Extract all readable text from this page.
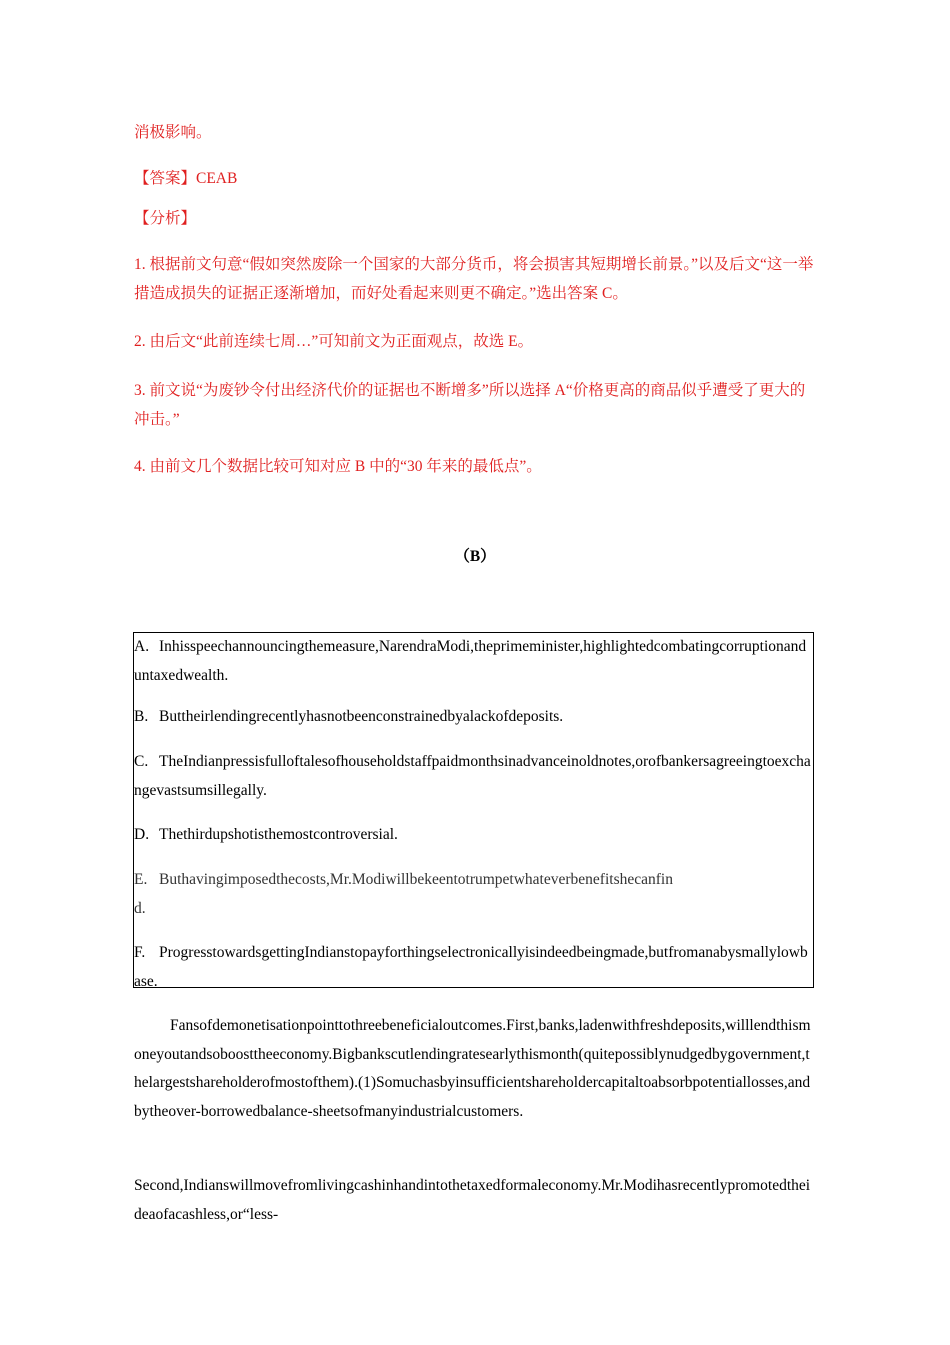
消极影响。
【答案】CEAB
【分析】
1. 根据前文句意“假如突然废除一个国家的大部分货币，将会损害其短期增长前景。”以及后文“这一举措造成损失的证据正逐渐增加，而好处看起来则更不确定。”选出答案 C。
2. 由后文“此前连续七周…”可知前文为正面观点，故选 E。
3. 前文说“为废钞令付出经济代价的证据也不断增多”所以选择 A“价格更高的商品似乎遭受了更大的冲击。”
4. 由前文几个数据比较可知对应 B 中的“30 年来的最低点”。
（B）
A. Inhisspeechannouncingthemeasure,NarendraModi,theprimeminister,highlightedcombatingcorruptionanduntaxedwealth.
B. Buttheirlendingrecentlyhasnotbeenconstrainedbyalackofdeposits.
C. TheIndianpressisfulloftalesofhouseholdstaffpaidmonthsinadvanceinoldnotes,orofbankersagreeingtoexchangevastsumsillegally.
D. Thethirdupshotisthemostcontroversial.
E. Buthavingimposedthecosts,Mr.Modiwillbekeentotrumpetwhateverbenefitshecanfind.
F. ProgresstowardsgettingIndianstopayforthingselectronicallyisindeedbeingmade,butfromanabysmallylowbase.
Fansofdemonetisationpointtothreebeneficialoutcomes.First,banks,ladenwithfreshdeposits,willlendthismoneyoutandsoboosttheeconomy.Bigbankscutlendingratesearlythismonth(quitepossiblynudgedbygovernment,thelargestshareholderofmostofthem).(1)Somuchasbyinsufficientshareholdercapitaltoabsorbpotentiallosses,andbytheover-borrowedbalance-sheetsofmanyindustrialcustomers.
Second,Indianswillmovefromlivingcashinhandintothetaxedformaleconomy.Mr.Modihasrecentlypromotedtheideaofacashless,or“less-
